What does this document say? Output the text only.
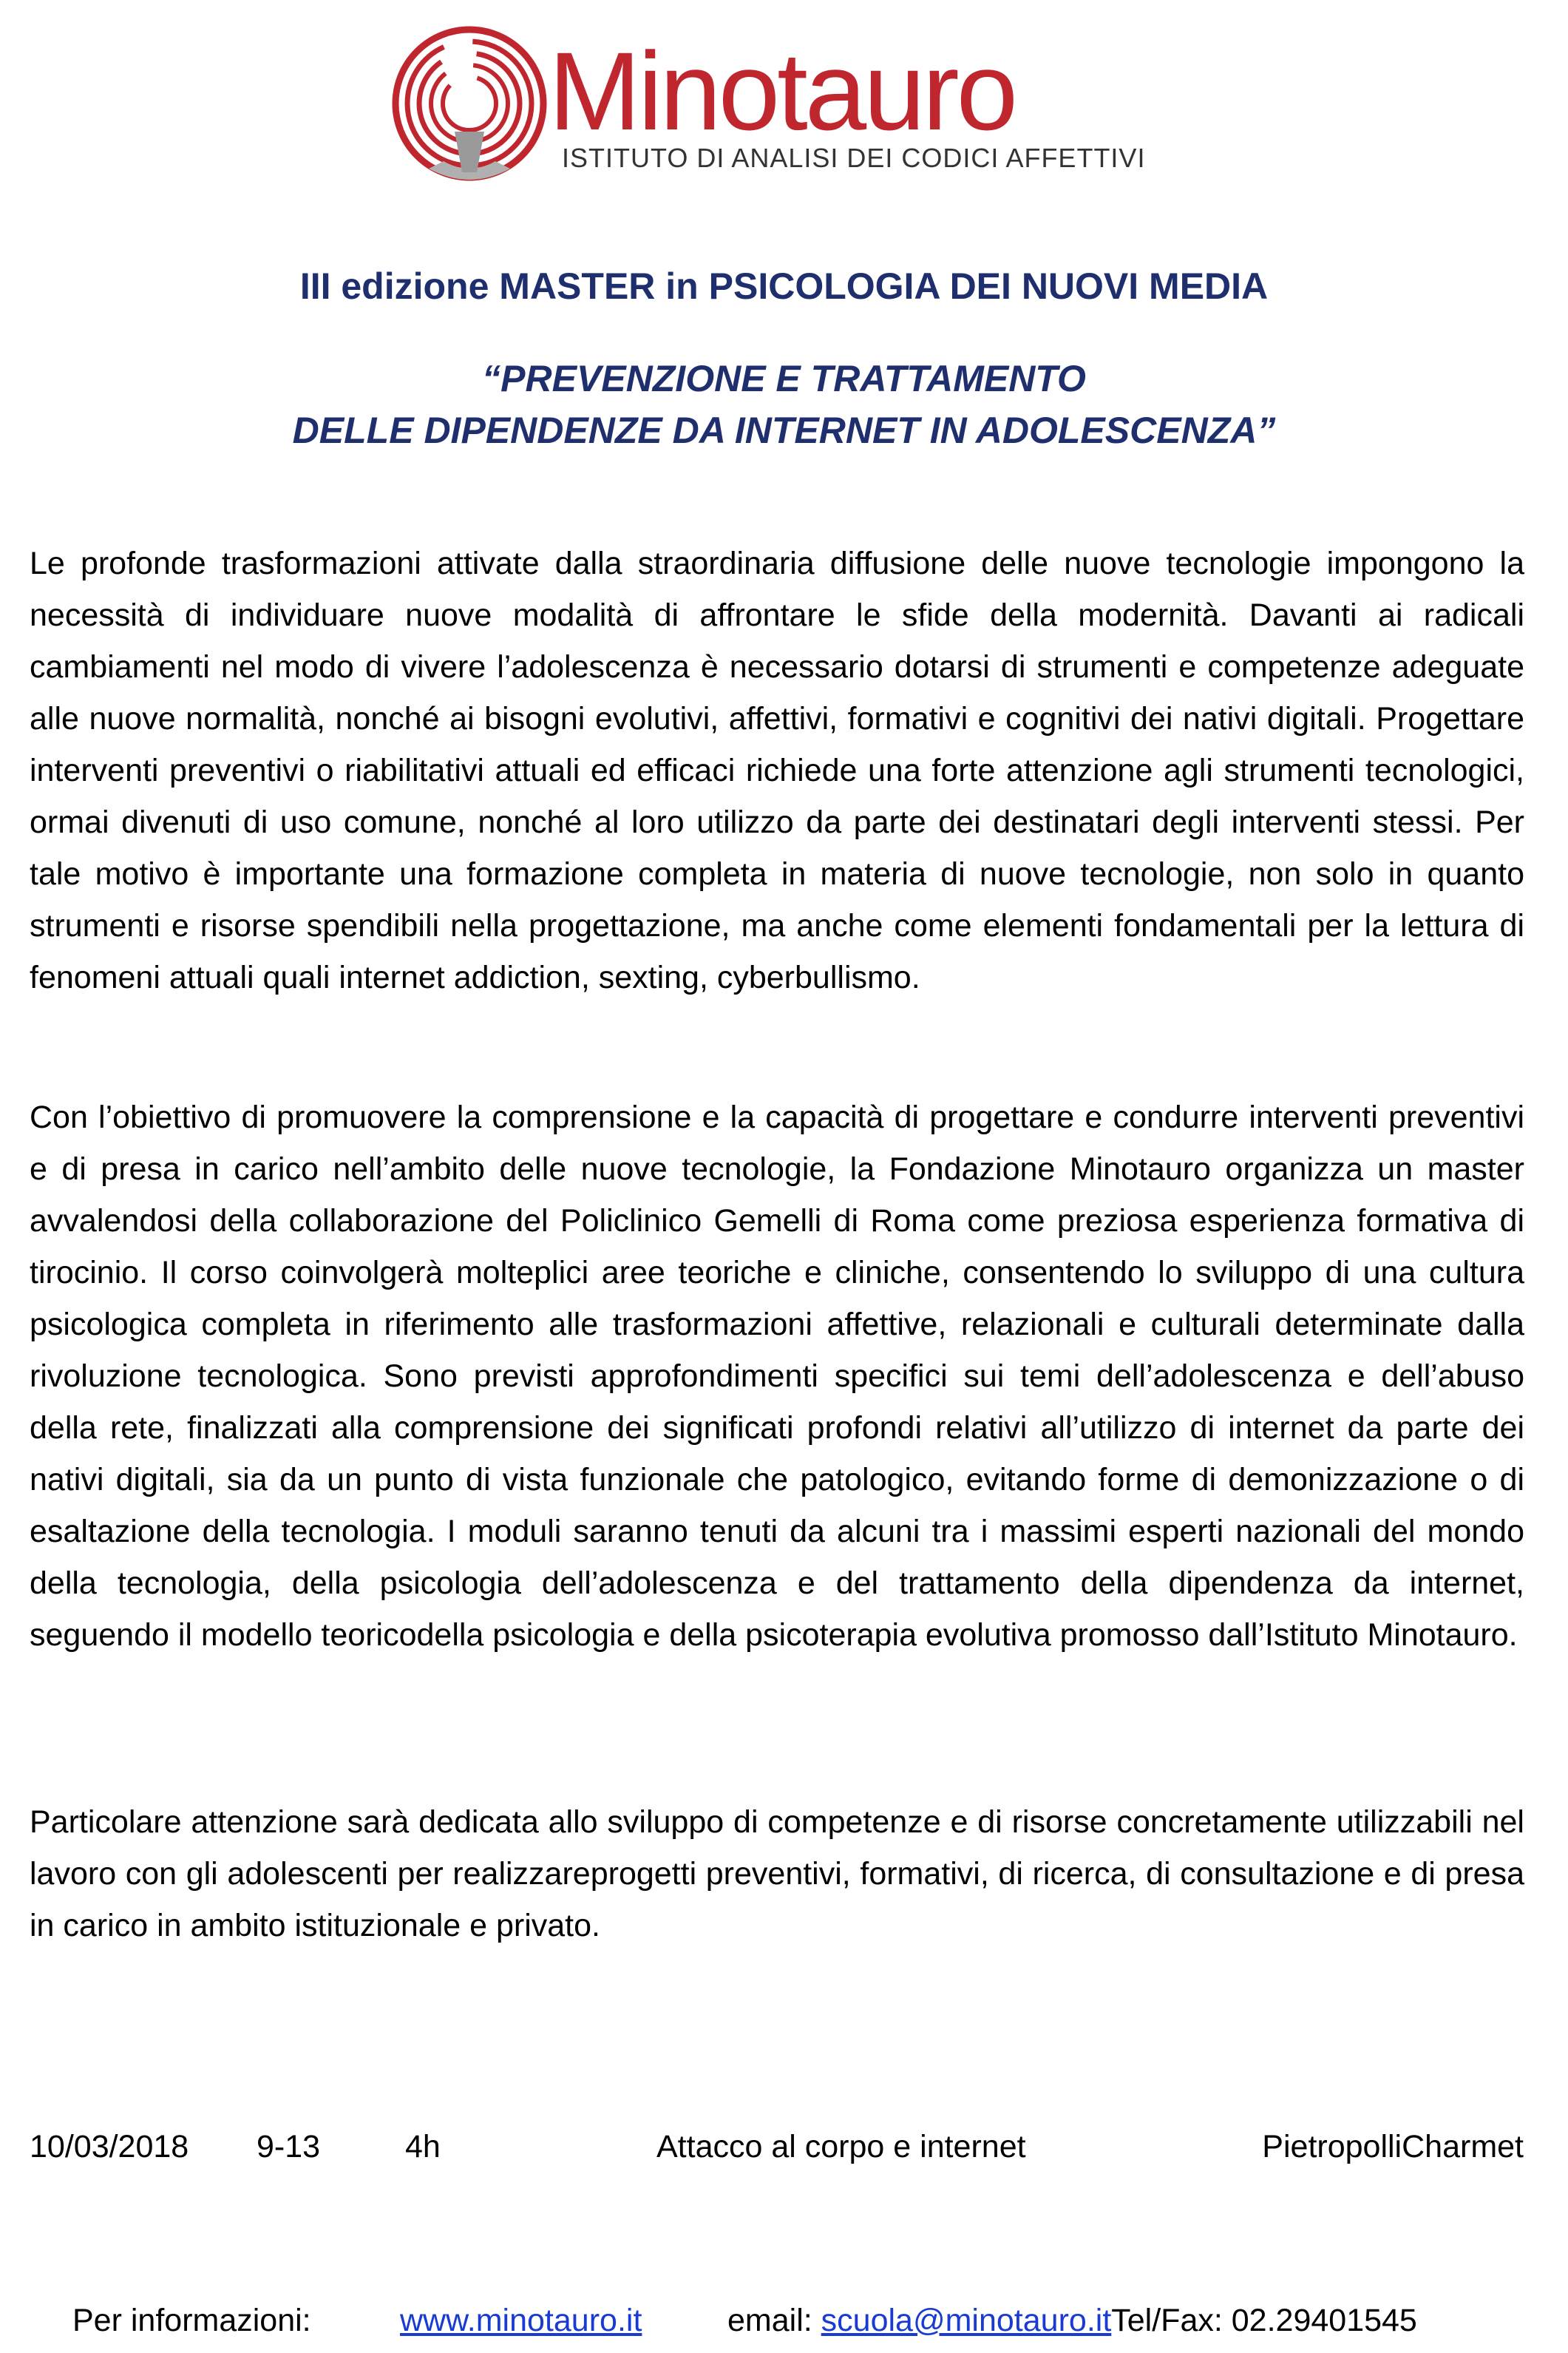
Minotauro
ISTITUTO DI ANALISI DEI CODICI AFFETTIVI
III edizione MASTER in PSICOLOGIA DEI NUOVI MEDIA
“PREVENZIONE E TRATTAMENTO
DELLE DIPENDENZE DA INTERNET IN ADOLESCENZA”

Le profonde trasformazioni attivate dalla straordinaria diffusione delle nuove tecnologie impongono la necessità di individuare nuove modalità di affrontare le sfide della modernità. Davanti ai radicali cambiamenti nel modo di vivere l’adolescenza è necessario dotarsi di strumenti e competenze adeguate alle nuove normalità, nonché ai bisogni evolutivi, affettivi, formativi e cognitivi dei nativi digitali. Progettare interventi preventivi o riabilitativi attuali ed efficaci richiede una forte attenzione agli strumenti tecnologici, ormai divenuti di uso comune, nonché al loro utilizzo da parte dei destinatari degli interventi stessi. Per tale motivo è importante una formazione completa in materia di nuove tecnologie, non solo in quanto strumenti e risorse spendibili nella progettazione, ma anche come elementi fondamentali per la lettura di fenomeni attuali quali internet addiction, sexting, cyberbullismo.

Con l’obiettivo di promuovere la comprensione e la capacità di progettare e condurre interventi preventivi e di presa in carico nell’ambito delle nuove tecnologie, la Fondazione Minotauro organizza un master avvalendosi della collaborazione del Policlinico Gemelli di Roma come preziosa esperienza formativa di tirocinio. Il corso coinvolgerà molteplici aree teoriche e cliniche, consentendo lo sviluppo di una cultura psicologica completa in riferimento alle trasformazioni affettive, relazionali e culturali determinate dalla rivoluzione tecnologica. Sono previsti approfondimenti specifici sui temi dell’adolescenza e dell’abuso della rete, finalizzati alla comprensione dei significati profondi relativi all’utilizzo di internet da parte dei nativi digitali, sia da un punto di vista funzionale che patologico, evitando forme di demonizzazione o di esaltazione della tecnologia. I moduli saranno tenuti da alcuni tra i massimi esperti nazionali del mondo della tecnologia, della psicologia dell’adolescenza e del trattamento della dipendenza da internet, seguendo il modello teoricodella psicologia e della psicoterapia evolutiva promosso dall’Istituto Minotauro.

Particolare attenzione sarà dedicata allo sviluppo di competenze e di risorse concretamente utilizzabili nel lavoro con gli adolescenti per realizzareprogetti preventivi, formativi, di ricerca, di consultazione e di presa in carico in ambito istituzionale e privato.

10/03/2018 9-13	4h	Attacco al corpo e internet	PietropolliCharmet
Per informazioni:	www.minotauro.it	email: scuola@minotauro.itTel/Fax: 02.29401545
